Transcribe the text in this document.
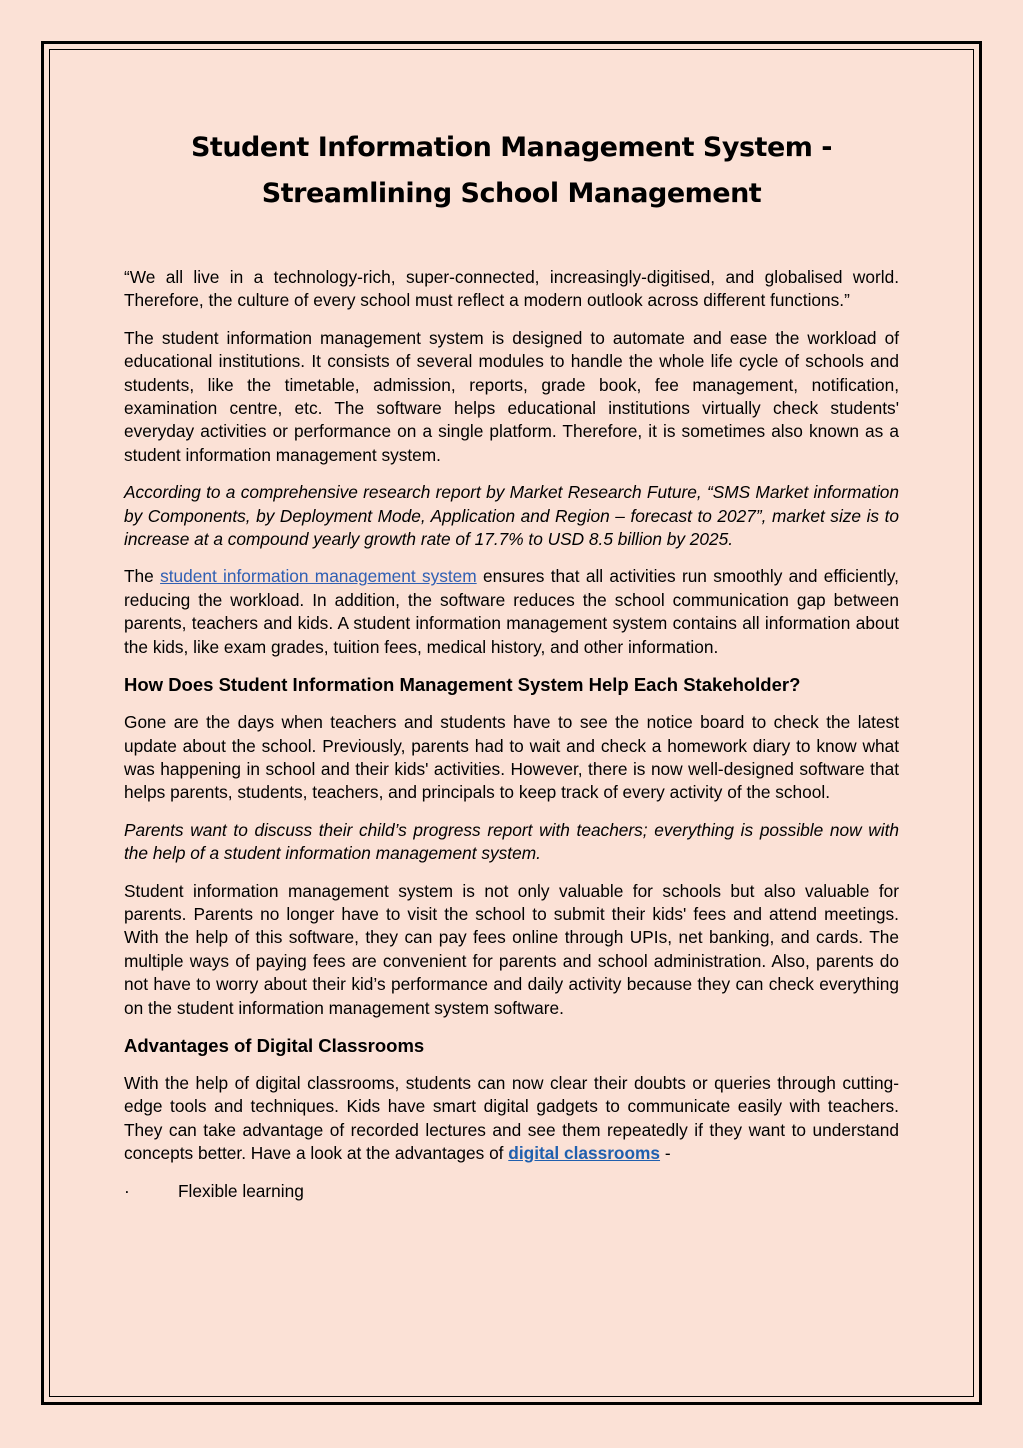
Student Information Management System -
Streamlining School Management

“We all live in a technology-rich, super-connected, increasingly-digitised, and globalised world. Therefore, the culture of every school must reflect a modern outlook across different functions.”

The student information management system is designed to automate and ease the workload of educational institutions. It consists of several modules to handle the whole life cycle of schools and students, like the timetable, admission, reports, grade book, fee management, notification, examination centre, etc. The software helps educational institutions virtually check students' everyday activities or performance on a single platform. Therefore, it is sometimes also known as a student information management system.

According to a comprehensive research report by Market Research Future, “SMS Market information by Components, by Deployment Mode, Application and Region – forecast to 2027”, market size is to increase at a compound yearly growth rate of 17.7% to USD 8.5 billion by 2025.

The student information management system ensures that all activities run smoothly and efficiently, reducing the workload. In addition, the software reduces the school communication gap between parents, teachers and kids. A student information management system contains all information about the kids, like exam grades, tuition fees, medical history, and other information.

How Does Student Information Management System Help Each Stakeholder?

Gone are the days when teachers and students have to see the notice board to check the latest update about the school. Previously, parents had to wait and check a homework diary to know what was happening in school and their kids' activities. However, there is now well-designed software that helps parents, students, teachers, and principals to keep track of every activity of the school.

Parents want to discuss their child’s progress report with teachers; everything is possible now with the help of a student information management system.

Student information management system is not only valuable for schools but also valuable for parents. Parents no longer have to visit the school to submit their kids' fees and attend meetings. With the help of this software, they can pay fees online through UPIs, net banking, and cards. The multiple ways of paying fees are convenient for parents and school administration. Also, parents do not have to worry about their kid’s performance and daily activity because they can check everything on the student information management system software.

Advantages of Digital Classrooms

With the help of digital classrooms, students can now clear their doubts or queries through cutting-edge tools and techniques. Kids have smart digital gadgets to communicate easily with teachers. They can take advantage of recorded lectures and see them repeatedly if they want to understand concepts better. Have a look at the advantages of digital classrooms -

·	Flexible learning
